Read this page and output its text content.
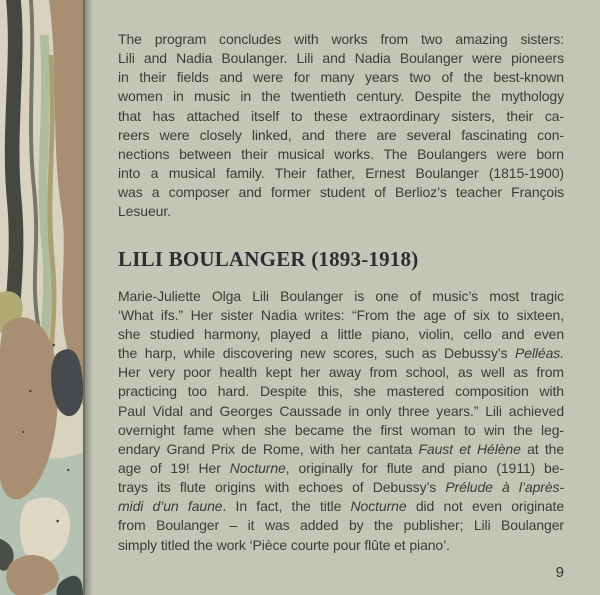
The program concludes with works from two amazing sisters:
Lili and Nadia Boulanger. Lili and Nadia Boulanger were pioneers
in their fields and were for many years two of the best-known
women in music in the twentieth century. Despite the mythology
that has attached itself to these extraordinary sisters, their ca-
reers were closely linked, and there are several fascinating con-
nections between their musical works. The Boulangers were born
into a musical family. Their father, Ernest Boulanger (1815-1900)
was a composer and former student of Berlioz’s teacher François
Lesueur.
LILI BOULANGER (1893-1918)
Marie-Juliette Olga Lili Boulanger is one of music’s most tragic
‘What ifs.” Her sister Nadia writes: “From the age of six to sixteen,
she studied harmony, played a little piano, violin, cello and even
the harp, while discovering new scores, such as Debussy’s Pelléas.
Her very poor health kept her away from school, as well as from
practicing too hard. Despite this, she mastered composition with
Paul Vidal and Georges Caussade in only three years.” Lili achieved
overnight fame when she became the first woman to win the leg-
endary Grand Prix de Rome, with her cantata Faust et Hélène at the
age of 19! Her Nocturne, originally for flute and piano (1911) be-
trays its flute origins with echoes of Debussy’s Prélude à l’après-
midi d’un faune. In fact, the title Nocturne did not even originate
from Boulanger – it was added by the publisher; Lili Boulanger
simply titled the work ‘Pièce courte pour flûte et piano’.
9
